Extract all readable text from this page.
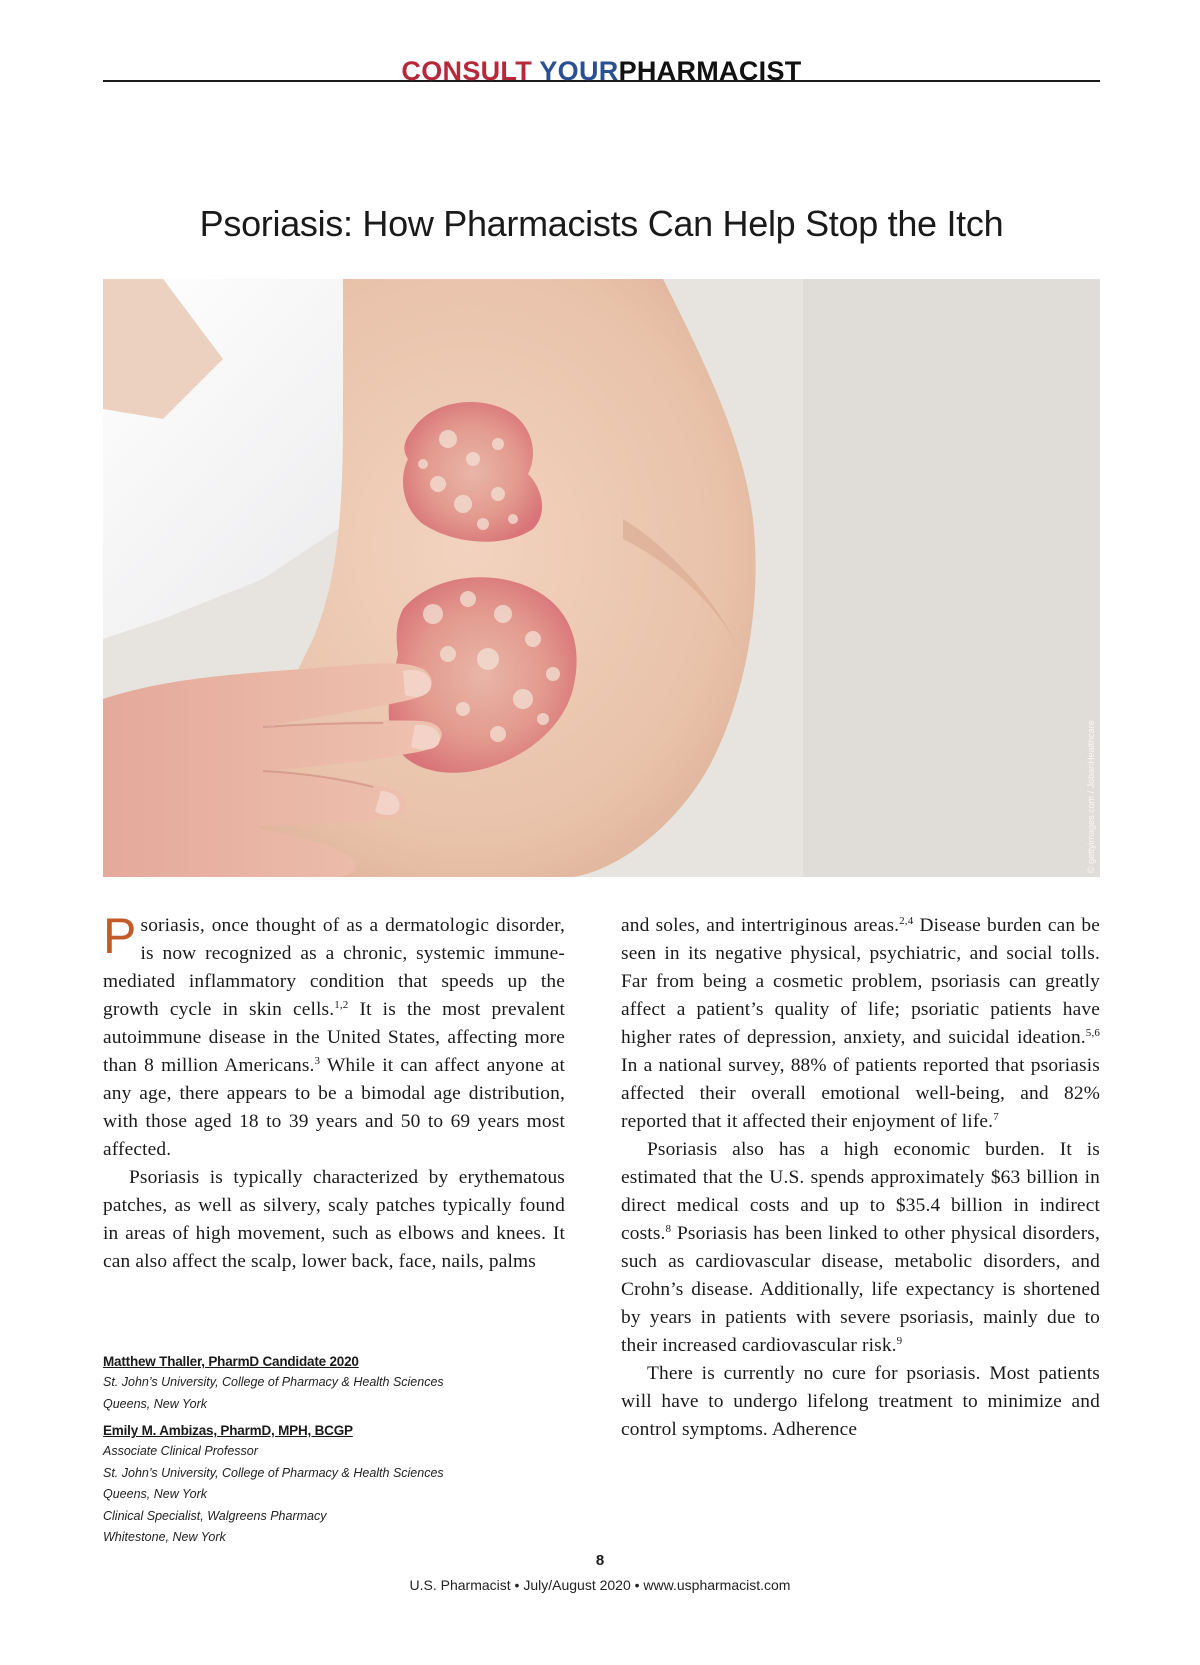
CONSULT YOURPHARMACIST
Psoriasis: How Pharmacists Can Help Stop the Itch
© gettyimages.com / JobanHealthcare

Psoriasis, once thought of as a dermatologic disorder, is now recognized as a chronic, systemic immune-mediated inflammatory condition that speeds up the growth cycle in skin cells.$^{1,2}$ It is the most prevalent autoimmune disease in the United States, affecting more than 8 million Americans.$^3$ While it can affect anyone at any age, there appears to be a bimodal age distribution, with those aged 18 to 39 years and 50 to 69 years most affected.

Psoriasis is typically characterized by erythematous patches, as well as silvery, scaly patches typically found in areas of high movement, such as elbows and knees. It can also affect the scalp, lower back, face, nails, palms

and soles, and intertriginous areas.$^{2,4}$ Disease burden can be seen in its negative physical, psychiatric, and social tolls. Far from being a cosmetic problem, psoriasis can greatly affect a patient’s quality of life; psoriatic patients have higher rates of depression, anxiety, and suicidal ideation.$^{5,6}$ In a national survey, 88% of patients reported that psoriasis affected their overall emotional well-being, and 82% reported that it affected their enjoyment of life.$^7$

Psoriasis also has a high economic burden. It is estimated that the U.S. spends approximately $63 billion in direct medical costs and up to $35.4 billion in indirect costs.$^8$ Psoriasis has been linked to other physical disorders, such as cardiovascular disease, metabolic disorders, and Crohn’s disease. Additionally, life expectancy is shortened by years in patients with severe psoriasis, mainly due to their increased cardiovascular risk.$^9$

There is currently no cure for psoriasis. Most patients will have to undergo lifelong treatment to minimize and control symptoms. Adherence

Matthew Thaller, PharmD Candidate 2020
St. John’s University, College of Pharmacy & Health Sciences
Queens, New York
Emily M. Ambizas, PharmD, MPH, BCGP
Associate Clinical Professor
St. John’s University, College of Pharmacy & Health Sciences
Queens, New York
Clinical Specialist, Walgreens Pharmacy
Whitestone, New York
8
U.S. Pharmacist • July/August 2020 • www.uspharmacist.com
